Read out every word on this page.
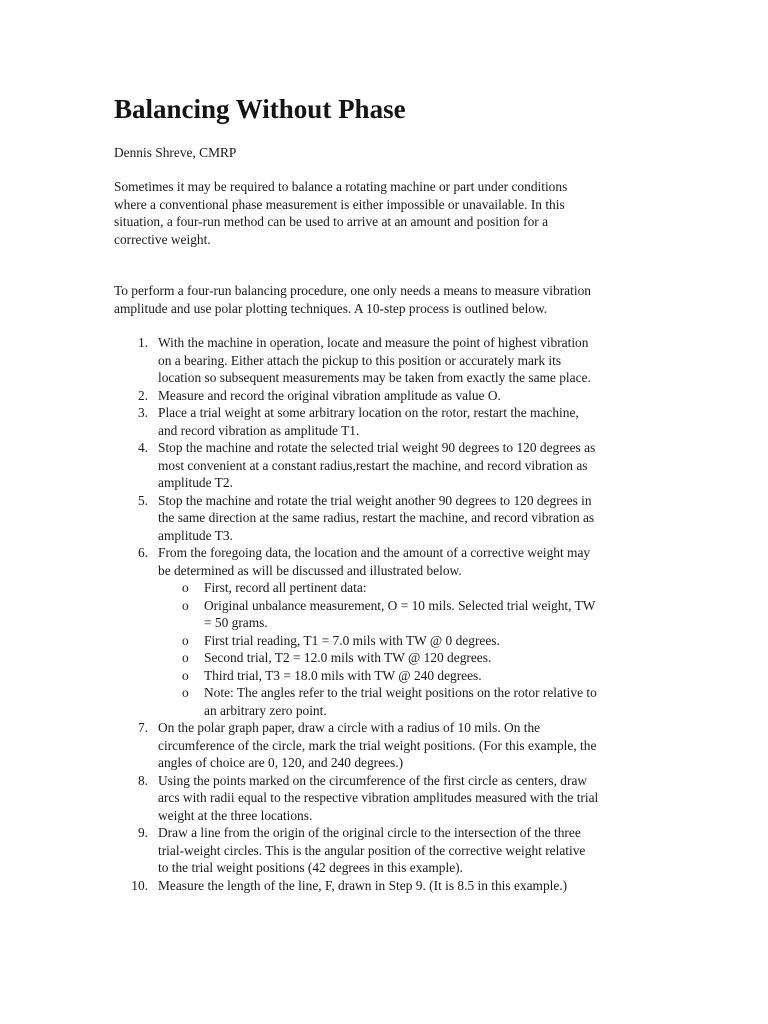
Balancing Without Phase

Dennis Shreve, CMRP

Sometimes it may be required to balance a rotating machine or part under conditions
where a conventional phase measurement is either impossible or unavailable. In this
situation, a four-run method can be used to arrive at an amount and position for a
corrective weight.

To perform a four-run balancing procedure, one only needs a means to measure vibration
amplitude and use polar plotting techniques. A 10-step process is outlined below.

1. With the machine in operation, locate and measure the point of highest vibration
on a bearing. Either attach the pickup to this position or accurately mark its
location so subsequent measurements may be taken from exactly the same place.
2. Measure and record the original vibration amplitude as value O.
3. Place a trial weight at some arbitrary location on the rotor, restart the machine,
and record vibration as amplitude T1.
4. Stop the machine and rotate the selected trial weight 90 degrees to 120 degrees as
most convenient at a constant radius,restart the machine, and record vibration as
amplitude T2.
5. Stop the machine and rotate the trial weight another 90 degrees to 120 degrees in
the same direction at the same radius, restart the machine, and record vibration as
amplitude T3.
6. From the foregoing data, the location and the amount of a corrective weight may
be determined as will be discussed and illustrated below.
o First, record all pertinent data:
o Original unbalance measurement, O = 10 mils. Selected trial weight, TW
= 50 grams.
o First trial reading, T1 = 7.0 mils with TW @ 0 degrees.
o Second trial, T2 = 12.0 mils with TW @ 120 degrees.
o Third trial, T3 = 18.0 mils with TW @ 240 degrees.
o Note: The angles refer to the trial weight positions on the rotor relative to
an arbitrary zero point.
7. On the polar graph paper, draw a circle with a radius of 10 mils. On the
circumference of the circle, mark the trial weight positions. (For this example, the
angles of choice are 0, 120, and 240 degrees.)
8. Using the points marked on the circumference of the first circle as centers, draw
arcs with radii equal to the respective vibration amplitudes measured with the trial
weight at the three locations.
9. Draw a line from the origin of the original circle to the intersection of the three
trial-weight circles. This is the angular position of the corrective weight relative
to the trial weight positions (42 degrees in this example).
10. Measure the length of the line, F, drawn in Step 9. (It is 8.5 in this example.)
